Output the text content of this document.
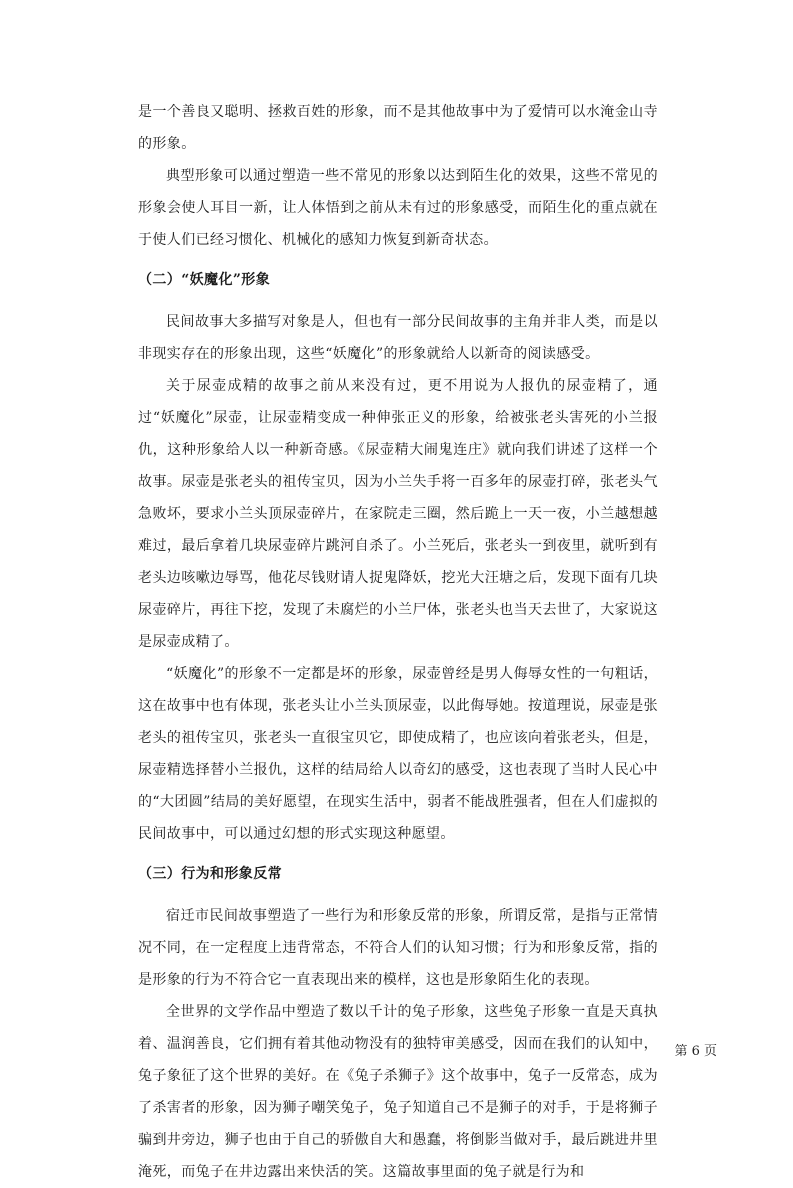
是一个善良又聪明、拯救百姓的形象，而不是其他故事中为了爱情可以水淹金山寺的形象。

典型形象可以通过塑造一些不常见的形象以达到陌生化的效果，这些不常见的形象会使人耳目一新，让人体悟到之前从未有过的形象感受，而陌生化的重点就在于使人们已经习惯化、机械化的感知力恢复到新奇状态。

（二）“妖魔化”形象

民间故事大多描写对象是人，但也有一部分民间故事的主角并非人类，而是以非现实存在的形象出现，这些“妖魔化”的形象就给人以新奇的阅读感受。

关于尿壶成精的故事之前从来没有过，更不用说为人报仇的尿壶精了，通过“妖魔化”尿壶，让尿壶精变成一种伸张正义的形象，给被张老头害死的小兰报仇，这种形象给人以一种新奇感。《尿壶精大闹鬼连庄》就向我们讲述了这样一个故事。尿壶是张老头的祖传宝贝，因为小兰失手将一百多年的尿壶打碎，张老头气急败坏，要求小兰头顶尿壶碎片，在家院走三圈，然后跪上一天一夜，小兰越想越难过，最后拿着几块尿壶碎片跳河自杀了。小兰死后，张老头一到夜里，就听到有老头边咳嗽边辱骂，他花尽钱财请人捉鬼降妖，挖光大汪塘之后，发现下面有几块尿壶碎片，再往下挖，发现了未腐烂的小兰尸体，张老头也当天去世了，大家说这是尿壶成精了。

“妖魔化”的形象不一定都是坏的形象，尿壶曾经是男人侮辱女性的一句粗话，这在故事中也有体现，张老头让小兰头顶尿壶，以此侮辱她。按道理说，尿壶是张老头的祖传宝贝，张老头一直很宝贝它，即使成精了，也应该向着张老头，但是，尿壶精选择替小兰报仇，这样的结局给人以奇幻的感受，这也表现了当时人民心中的“大团圆”结局的美好愿望，在现实生活中，弱者不能战胜强者，但在人们虚拟的民间故事中，可以通过幻想的形式实现这种愿望。

（三）行为和形象反常

宿迁市民间故事塑造了一些行为和形象反常的形象，所谓反常，是指与正常情况不同，在一定程度上违背常态，不符合人们的认知习惯；行为和形象反常，指的是形象的行为不符合它一直表现出来的模样，这也是形象陌生化的表现。

全世界的文学作品中塑造了数以千计的兔子形象，这些兔子形象一直是天真执着、温润善良，它们拥有着其他动物没有的独特审美感受，因而在我们的认知中，兔子象征了这个世界的美好。在《兔子杀狮子》这个故事中，兔子一反常态，成为了杀害者的形象，因为狮子嘲笑兔子，兔子知道自己不是狮子的对手，于是将狮子骗到井旁边，狮子也由于自己的骄傲自大和愚蠢，将倒影当做对手，最后跳进井里淹死，而兔子在井边露出来快活的笑。这篇故事里面的兔子就是行为和

第 6 页
